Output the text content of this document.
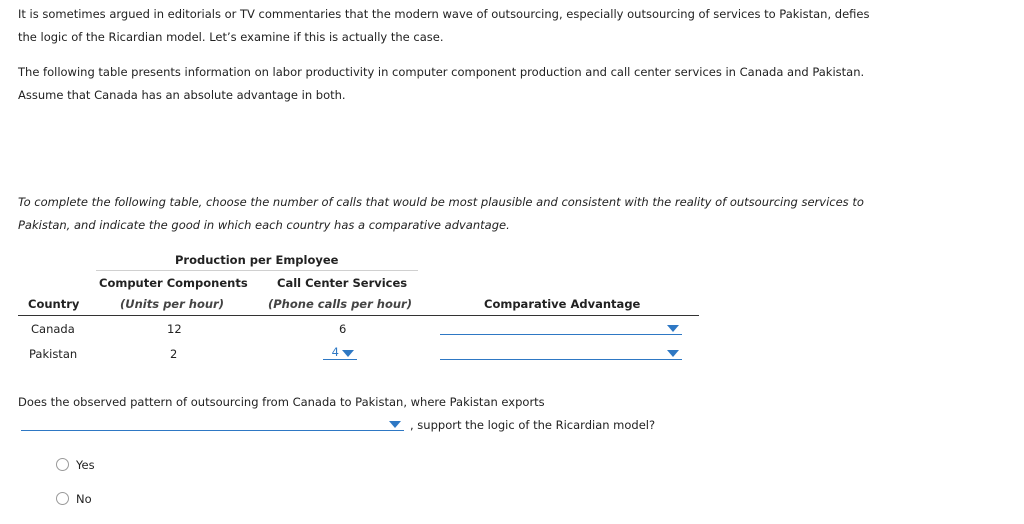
It is sometimes argued in editorials or TV commentaries that the modern wave of outsourcing, especially outsourcing of services to Pakistan, defies
the logic of the Ricardian model. Let’s examine if this is actually the case.
The following table presents information on labor productivity in computer component production and call center services in Canada and Pakistan.
Assume that Canada has an absolute advantage in both.
To complete the following table, choose the number of calls that would be most plausible and consistent with the reality of outsourcing services to
Pakistan, and indicate the good in which each country has a comparative advantage.
Production per Employee
Computer Components	Call Center Services
Country	(Units per hour)	(Phone calls per hour)	Comparative Advantage
Canada	12	6
Pakistan	2	4
Does the observed pattern of outsourcing from Canada to Pakistan, where Pakistan exports
, support the logic of the Ricardian model?
Yes
No
